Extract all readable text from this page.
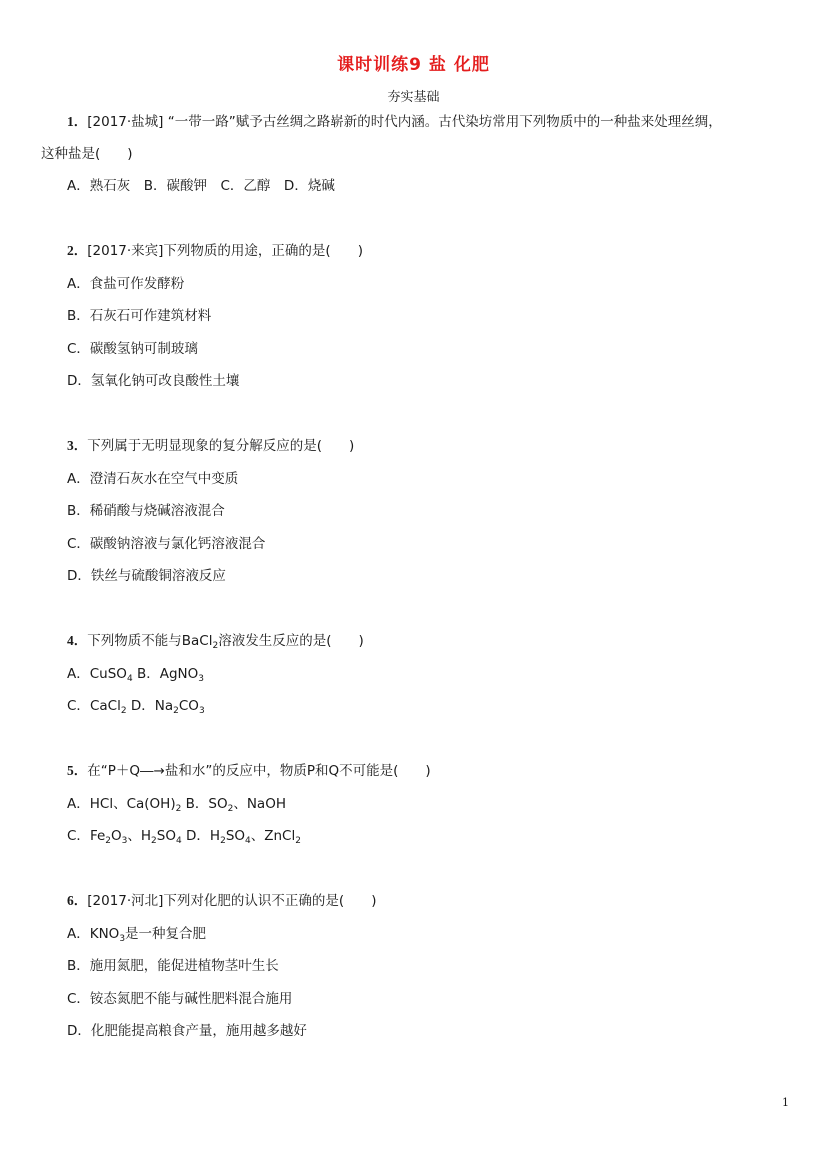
课时训练9 盐 化肥
夯实基础
1．[2017·盐城] “一带一路”赋予古丝绸之路崭新的时代内涵。古代染坊常用下列物质中的一种盐来处理丝绸，
这种盐是(　　)
A．熟石灰　B．碳酸钾　C．乙醇　D．烧碱
2．[2017·来宾]下列物质的用途，正确的是(　　)
A．食盐可作发酵粉
B．石灰石可作建筑材料
C．碳酸氢钠可制玻璃
D．氢氧化钠可改良酸性土壤
3．下列属于无明显现象的复分解反应的是(　　)
A．澄清石灰水在空气中变质
B．稀硝酸与烧碱溶液混合
C．碳酸钠溶液与氯化钙溶液混合
D．铁丝与硫酸铜溶液反应
4．下列物质不能与BaCl$_2$溶液发生反应的是(　　)
A．CuSO$_4$ B．AgNO$_3$
C．CaCl$_2$ D．$Na_2CO_3$
5．在“P＋Q―→盐和水”的反应中，物质P和Q不可能是(　　)
A．HCl、$Ca(OH)_2$ B．$SO_2$、NaOH
C．$Fe_2O_3$、$H_2SO_4$ D．$H_2SO_4$、ZnCl$_2$
6．[2017·河北]下列对化肥的认识不正确的是(　　)
A．$KNO_3$是一种复合肥
B．施用氮肥，能促进植物茎叶生长
C．铵态氮肥不能与碱性肥料混合施用
D．化肥能提高粮食产量，施用越多越好
1
